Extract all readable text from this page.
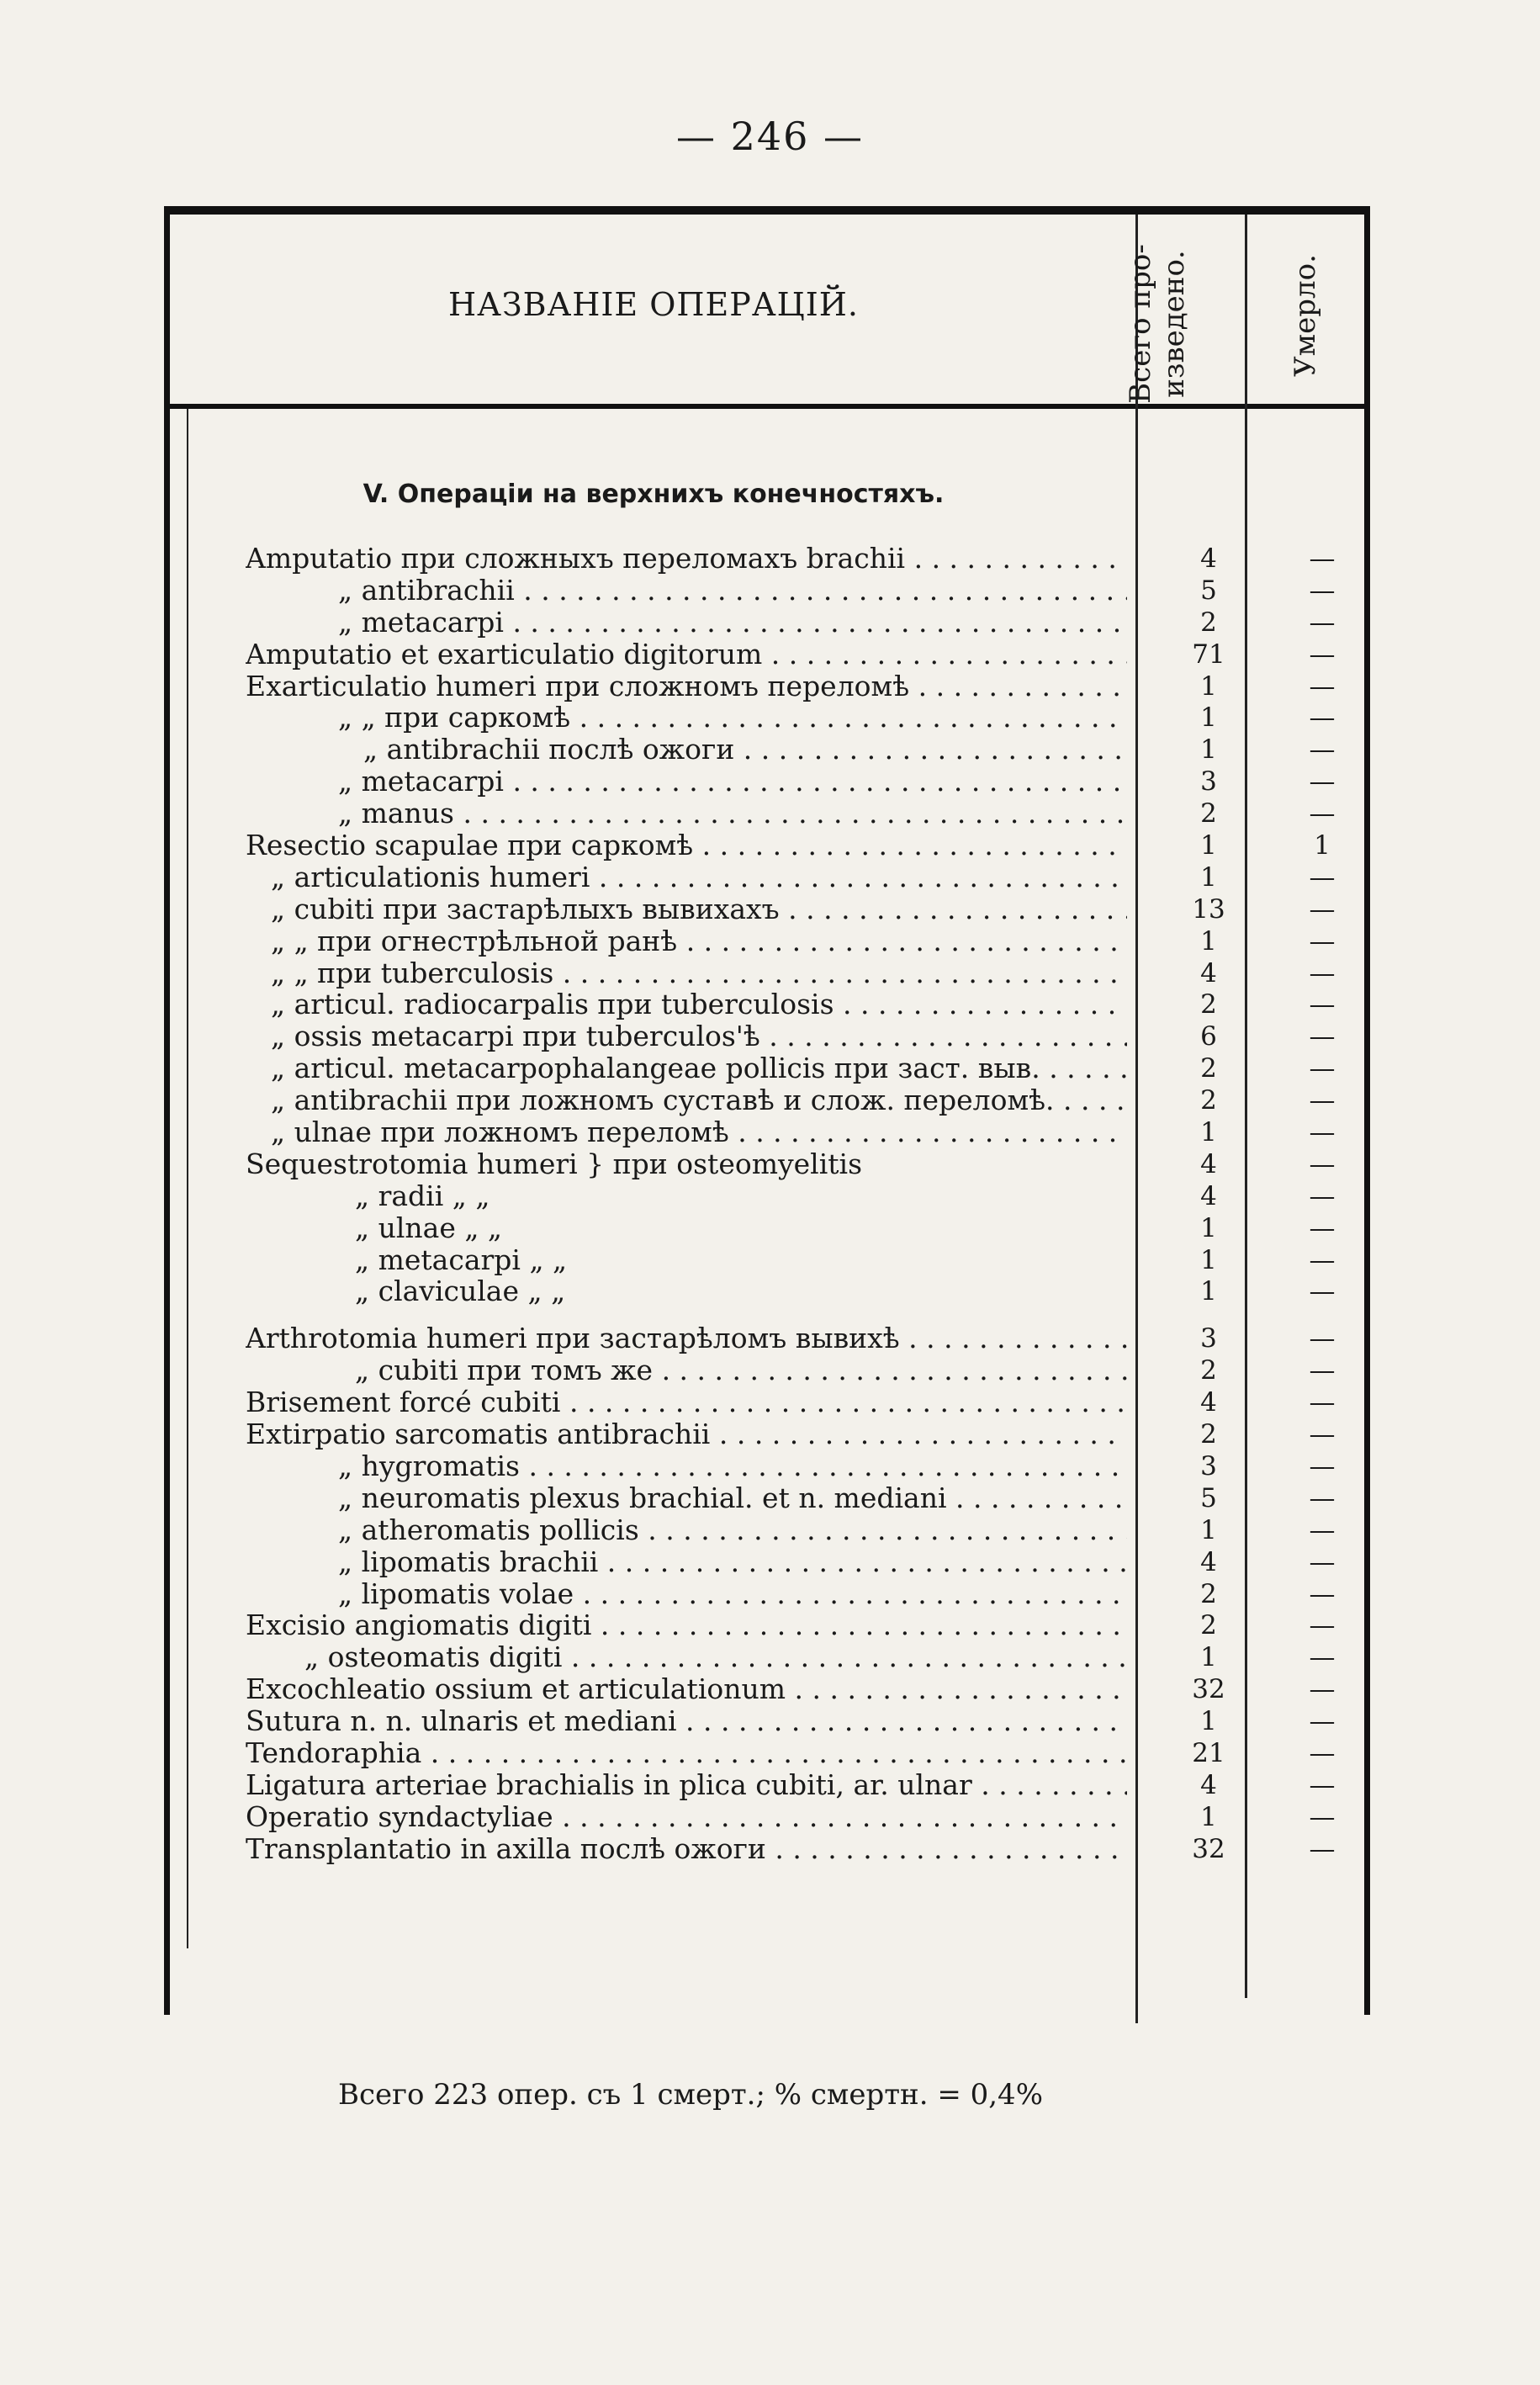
— 246 —
НАЗВАНІЕ ОПЕРАЦІЙ.
Всего про-
изведено.	Умерло.
V. Операціи на верхнихъ конечностяхъ.
Amputatio при сложныхъ переломахъ brachii . . .	4	—
„ antibrachii . . .	5	—
„ metacarpi . . .	2	—
Amputatio et exarticulatio digitorum . . .	71	—
Exarticulatio humeri при сложномъ переломѣ . . .	1	—
„ „ при саркомѣ . . .	1	—
„ antibrachii послѣ ожоги . . .	1	—
„ metacarpi . . .	3	—
„ manus . . .	2	—
Resectio scapulae при саркомѣ . . .	1	1
„ articulationis humeri . . .	1	—
„ cubiti при застарѣлыхъ вывихахъ . . .	13	—
„ „ при огнестрѣльной ранѣ . . .	1	—
„ „ при tuberculosis . . .	4	—
„ articul. radiocarpalis при tuberculosis . . .	2	—
„ ossis metacarpi при tuberculos'ѣ . . .	6	—
„ articul. metacarpophalangeae pollicis при заст. выв. . . .	2	—
„ antibrachii при ложномъ суставѣ и слож. переломѣ. . . .	2	—
„ ulnae при ложномъ переломѣ . . .	1	—
Sequestrotomia humeri } при osteomyelitis	4	—
„ radii „ „	4	—
„ ulnae „ „	1	—
„ metacarpi „ „	1	—
„ claviculae „ „	1	—
Arthrotomia humeri при застарѣломъ вывихѣ . . .	3	—
„ cubiti при томъ же . . .	2	—
Brisement forcé cubiti . . .	4	—
Extirpatio sarcomatis antibrachii . . .	2	—
„ hygromatis . . .	3	—
„ neuromatis plexus brachial. et n. mediani . . .	5	—
„ atheromatis pollicis . . .	1	—
„ lipomatis brachii . . .	4	—
„ lipomatis volae . . .	2	—
Excisio angiomatis digiti . . .	2	—
„ osteomatis digiti . . .	1	—
Excochleatio ossium et articulationum . . .	32	—
Sutura n. n. ulnaris et mediani . . .	1	—
Tendoraphia . . .	21	—
Ligatura arteriae brachialis in plica cubiti, ar. ulnar . . .	4	—
Operatio syndactyliae . . .	1	—
Transplantatio in axilla послѣ ожоги . . .	32	—
Всего 223 опер. съ 1 смерт.; % смертн. = 0,4%
